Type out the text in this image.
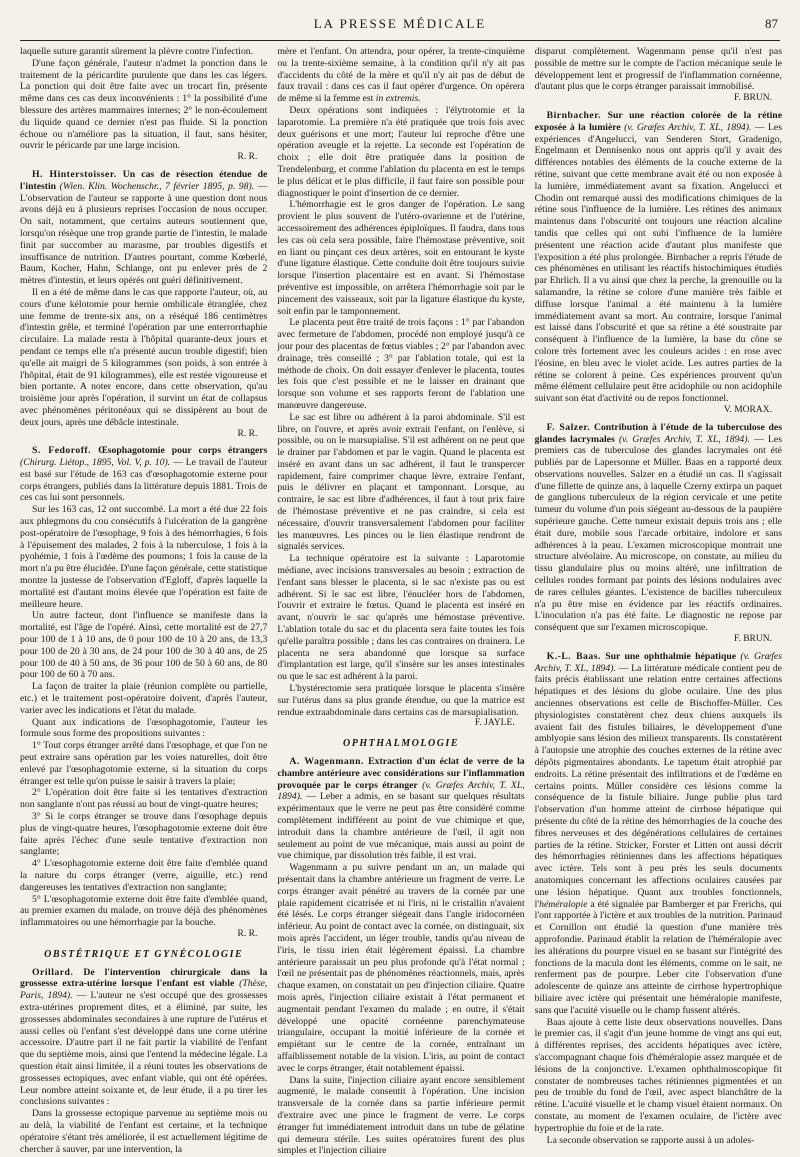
LA PRESSE MÉDICALE	87

laquelle suture garantit sûrement la plèvre contre l'infection.

D'une façon générale, l'auteur n'admet la ponction dans le traitement de la péricardite purulente que dans les cas légers. La ponction qui doit être faite avec un trocart fin, présente même dans ces cas deux inconvénients : 1° la possibilité d'une blessure des artères mammaires internes; 2° le non-écoulement du liquide quand ce dernier n'est pas fluide. Si la ponction échoue ou n'améliore pas la situation, il faut, sans hésiter, ouvrir le péricarde par une large incision.

R. R.

H. Hinterstoisser. Un cas de résection étendue de l'intestin (Wien. Klin. Wochenschr., 7 février 1895, p. 98). — L'observation de l'auteur se rapporte à une question dont nous avons déjà eu à plusieurs reprises l'occasion de nous occuper. On sait, notamment, que certains auteurs soutiennent que, lorsqu'on résèque une trop grande partie de l'intestin, le malade finit par succomber au marasme, par troubles digestifs et insuffisance de nutrition. D'autres pourtant, comme Kœberlé, Baum, Kocher, Hahn, Schlange, ont pu enlever près de 2 mètres d'intestin, et leurs opérés ont guéri définitivement.

Il en a été de même dans le cas que rapporte l'auteur, où, au cours d'une kélotomie pour hernie ombilicale étranglée, chez une femme de trente-six ans, on a réséqué 186 centimètres d'intestin grêle, et terminé l'opération par une enterrorrhaphie circulaire. La malade resta à l'hôpital quarante-deux jours et pendant ce temps elle n'a présenté aucun trouble digestif; bien qu'elle ait maigri de 5 kilogrammes (son poids, à son entrée à l'hôpital, était de 91 kilogrammes), elle est restée vigoureuse et bien portante. A noter encore, dans cette observation, qu'au troisième jour après l'opération, il survint un état de collapsus avec phénomènes péritonéaux qui se dissipèrent au bout de deux jours, après une débâcle intestinale.

R. R.

S. Fedoroff. Œsophagotomie pour corps étrangers (Chirurg. Liétop., 1895, Vol. V, p. 10). — Le travail de l'auteur est basé sur l'étude de 163 cas d'œsophagotomie externe pour corps étrangers, publiés dans la littérature depuis 1881. Trois de ces cas lui sont personnels.

Sur les 163 cas, 12 ont succombé. La mort a été due 22 fois aux phlegmons du cou consécutifs à l'ulcération de la gangrène post-opératoire de l'œsophage, 9 fois à des hémorrhagies, 6 fois à l'épuisement des malades, 2 fois à la tuberculose, 1 fois à la pyohémie, 1 fois à l'œdème des poumons; 1 fois la cause de la mort n'a pu être élucidée. D'une façon générale, cette statistique montre la justesse de l'observation d'Egloff, d'après laquelle la mortalité est d'autant moins élevée que l'opération est faite de meilleure heure.

Un autre facteur, dont l'influence se manifeste dans la mortalité, est l'âge de l'opéré. Ainsi, cette mortalité est de 27,7 pour 100 de 1 à 10 ans, de 0 pour 100 de 10 à 20 ans, de 13,3 pour 100 de 20 à 30 ans, de 24 pour 100 de 30 à 40 ans, de 25 pour 100 de 40 à 50 ans, de 36 pour 100 de 50 à 60 ans, de 80 pour 100 de 60 à 70 ans.

La façon de traiter la plaie (réunion complète ou partielle, etc.) et le traitement post-opératoire doivent, d'après l'auteur, varier avec les indications et l'état du malade.

Quant aux indications de l'œsophagotomie, l'auteur les formule sous forme des propositions suivantes :

1° Tout corps étranger arrêté dans l'œsophage, et que l'on ne peut extraire sans opération par les voies naturelles, doit être enlevé par l'œsophagotomie externe, si la situation du corps étranger est telle qu'on puisse le saisir à travers la plaie;

2° L'opération doit être faite si les tentatives d'extraction non sanglante n'ont pas réussi au bout de vingt-quatre heures;

3° Si le corps étranger se trouve dans l'œsophage depuis plus de vingt-quatre heures, l'œsophagotomie externe doit être faite après l'échec d'une seule tentative d'extraction non sanglante;

4° L'œsophagotomie externe doit être faite d'emblée quand la nature du corps étranger (verre, aiguille, etc.) rend dangereuses les tentatives d'extraction non sanglante;

5° L'œsophagotomie externe doit être faite d'emblée quand, au premier examen du malade, on trouve déjà des phénomènes inflammatoires ou une hémorrhagie par la bouche.

R. R.
OBSTÉTRIQUE ET GYNÉCOLOGIE

Orillard. De l'intervention chirurgicale dans la grossesse extra-utérine lorsque l'enfant est viable (Thèse, Paris, 1894). — L'auteur ne s'est occupé que des grossesses extra-utérines proprement dites, et a éliminé, par suite, les grossesses abdominales secondaires à une rupture de l'utérus et aussi celles où l'enfant s'est développé dans une corne utérine accessoire. D'autre part il ne fait partir la viabilité de l'enfant que du septième mois, ainsi que l'entend la médecine légale. La question était ainsi limitée, il a réuni toutes les observations de grossesses ectopiques, avec enfant viable, qui ont été opérées. Leur nombre atteint soixante et, de leur étude, il a pu tirer les conclusions suivantes :

Dans la grossesse ectopique parvenue au septième mois ou au delà, la viabilité de l'enfant est certaine, et la technique opératoire s'étant très améliorée, il est actuellement légitime de chercher à sauver, par une intervention, la

mère et l'enfant. On attendra, pour opérer, la trente-cinquième ou la trente-sixième semaine, à la condition qu'il n'y ait pas d'accidents du côté de la mère et qu'il n'y ait pas de début de faux travail : dans ces cas il faut opérer d'urgence. On opérera de même si la femme est in extremis.

Deux opérations sont indiquées : l'élytrotomie et la laparotomie. La première n'a été pratiquée que trois fois avec deux guérisons et une mort; l'auteur lui reproche d'être une opération aveugle et la rejette. La seconde est l'opération de choix ; elle doit être pratiquée dans la position de Trendelenburg, et comme l'ablation du placenta en est le temps le plus délicat et le plus difficile, il faut faire son possible pour diagnostiquer le point d'insertion de ce dernier.

L'hémorrhagie est le gros danger de l'opération. Le sang provient le plus souvent de l'utéro-ovarienne et de l'utérine, accessoirement des adhérences épiploïques. Il faudra, dans tous les cas où cela sera possible, faire l'hémostase préventive, soit en liant ou pinçant ces deux artères, soit en entourant le kyste d'une ligature élastique. Cette conduite doit être toujours suivie lorsque l'insertion placentaire est en avant. Si l'hémostase préventive est impossible, on arrêtera l'hémorrhagie soit par le pincement des vaisseaux, soit par la ligature élastique du kyste, soit enfin par le tamponnement.

Le placenta peut être traité de trois façons : 1° par l'abandon avec fermeture de l'abdomen, procédé non employé jusqu'à ce jour pour des placentas de fœtus viables ; 2° par l'abandon avec drainage, très conseillé ; 3° par l'ablation totale, qui est la méthode de choix. On doit essayer d'enlever le placenta, toutes les fois que c'est possible et ne le laisser en drainant que lorsque son volume et ses rapports feront de l'ablation une manœuvre dangereuse.

Le sac est libre ou adhérent à la paroi abdominale. S'il est libre, on l'ouvre, et après avoir extrait l'enfant, on l'enlève, si possible, ou on le marsupialise. S'il est adhérent on ne peut que le drainer par l'abdomen et par le vagin. Quand le placenta est inséré en avant dans un sac adhérent, il faut le transpercer rapidement, faire comprimer chaque lèvre, extraire l'enfant, puis le délivrer en plaçant et tamponnant. Lorsque, au contraire, le sac est libre d'adhérences, il faut à tout prix faire de l'hémostase préventive et ne pas craindre, si cela est nécessaire, d'ouvrir transversalement l'abdomen pour faciliter les manœuvres. Les pinces ou le lien élastique rendront de signalés services.

La technique opératoire est la suivante : Laparotomie médiane, avec incisions transversales au besoin ; extraction de l'enfant sans blesser le placenta, si le sac n'existe pas ou est adhérent. Si le sac est libre, l'énucléer hors de l'abdomen, l'ouvrir et extraire le fœtus. Quand le placenta est inséré en avant, n'ouvrir le sac qu'après une hémostase préventive. L'ablation totale du sac et du placenta sera faite toutes les fois qu'elle paraîtra possible ; dans les cas contraires on drainera. Le placenta ne sera abandonné que lorsque sa surface d'implantation est large, qu'il s'insère sur les anses intestinales ou que le sac est adhérent à la paroi.

L'hystérectomie sera pratiquée lorsque le placenta s'insère sur l'utérus dans sa plus grande étendue, ou que la matrice est rendue extraabdominale dans certains cas de marsupialisation.

F. JAYLE.
OPHTHALMOLOGIE

A. Wagenmann. Extraction d'un éclat de verre de la chambre antérieure avec considérations sur l'inflammation provoquée par le corps étranger (v. Græfes Archiv, T. XL, 1894). — Leber a admis, en se basant sur quelques résultats expérimentaux que le verre ne peut pas être considéré comme complètement indifférent au point de vue chimique et que, introduit dans la chambre antérieure de l'œil, il agit non seulement au point de vue mécanique, mais aussi au point de vue chimique, par dissolution très faible, il est vrai.

Wagenmann a pu suivre pendant un an, un malade qui présentait dans la chambre antérieure un fragment de verre. Le corps étranger avait pénétré au travers de la cornée par une plaie rapidement cicatrisée et ni l'iris, ni le cristallin n'avaient été lésés. Le corps étranger siégeait dans l'angle iridocornéen inférieur. Au point de contact avec la cornée, on distinguait, six mois après l'accident, un léger trouble, tandis qu'au niveau de l'iris, le tissu irien était légèrement épaissi. La chambre antérieure paraissait un peu plus profonde qu'à l'état normal ; l'œil ne présentait pas de phénomènes réactionnels, mais, après chaque examen, on constatait un peu d'injection ciliaire. Quatre mois après, l'injection ciliaire existait à l'état permanent et augmentait pendant l'examen du malade ; en outre, il s'était développé une opacité cornéenne parenchymateuse triangulaire, occupant la moitié inférieure de la cornée et empiétant sur le centre de la cornée, entraînant un affaiblissement notable de la vision. L'iris, au point de contact avec le corps étranger, était notablement épaissi.

Dans la suite, l'injection ciliaire ayant encore sensiblement augmenté, le malade consentit à l'opération. Une incision transversale de la cornée dans sa partie inférieure permit d'extraire avec une pince le fragment de verre. Le corps étranger fut immédiatement introduit dans un tube de gélatine qui demeura stérile. Les suites opératoires furent des plus simples et l'injection ciliaire

disparut complètement. Wagenmann pense qu'il n'est pas possible de mettre sur le compte de l'action mécanique seule le développement lent et progressif de l'inflammation cornéenne, d'autant plus que le corps étranger paraissait immobilisé.

F. BRUN.

Birnbacher. Sur une réaction colorée de la rétine exposée à la lumière (v. Græfes Archiv, T. XL, 1894). — Les expériences d'Angelucci, van Senderen Stort, Gradenigo, Engelmann et Dennisenko nous ont appris qu'il y avait des différences notables des éléments de la couche externe de la rétine, suivant que cette membrane avait été ou non exposée à la lumière, immédiatement avant sa fixation. Angelucci et Chodin ont remarqué aussi des modifications chimiques de la rétine sous l'influence de la lumière. Les rétines des animaux maintenus dans l'obscurité ont toujours une réaction alcaline tandis que celles qui ont subi l'influence de la lumière présentent une réaction acide d'autant plus manifeste que l'exposition a été plus prolongée. Birnbacher a repris l'étude de ces phénomènes en utilisant les réactifs histochimiques étudiés par Ehrlich. Il a vu ainsi que chez la perche, la grenouille ou la salamandre, la rétine se colore d'une manière très faible et diffuse lorsque l'animal a été maintenu à la lumière immédiatement avant sa mort. Au contraire, lorsque l'animal est laissé dans l'obscurité et que sa rétine a été soustraite par conséquent à l'influence de la lumière, la base du cône se colore très fortement avec les couleurs acides : en rose avec l'éosine, en bleu avec le violet acide. Les autres parties de la rétine se colorent à peine. Ces expériences prouvent qu'un même élément cellulaire peut être acidophile ou non acidophile suivant son état d'activité ou de repos fonctionnel.

V. MORAX.

F. Salzer. Contribution à l'étude de la tuberculose des glandes lacrymales (v. Græfes Archiv, T. XL, 1894). — Les premiers cas de tuberculose des glandes lacrymales ont été publiés par de Lapersonne et Müller. Baas en a rapporté deux observations nouvelles. Salzer en a étudié un cas. Il s'agissait d'une fillette de quinze ans, à laquelle Czerny extirpa un paquet de ganglions tuberculeux de la région cervicale et une petite tumeur du volume d'un pois siégeant au-dessous de la paupière supérieure gauche. Cette tumeur existait depuis trois ans ; elle était dure, mobile sous l'arcade orbitaire, indolore et sans adhérences à la peau. L'examen microscopique montrait une structure alvéolaire. Au microscope, on constate, au milieu du tissu glandulaire plus ou moins altéré, une infiltration de cellules rondes formant par points des lésions nodulaires avec de rares cellules géantes. L'existence de bacilles tuberculeux n'a pu être mise en évidence par les réactifs ordinaires. L'inoculation n'a pas été faite. Le diagnostic ne repose par conséquent que sur l'examen microscopique.

F. BRUN.

K.-L. Baas. Sur une ophthalmie hépatique (v. Græfes Archiv, T. XL, 1894). — La littérature médicale contient peu de faits précis établissant une relation entre certaines affections hépatiques et des lésions du globe oculaire. Une des plus anciennes observations est celle de Bischoffer-Müller. Ces physiologistes constatèrent chez deux chiens auxquels ils avaient fait des fistules biliaires, le développement d'une amblyopie sans lésion des milieux transparents. Ils constatèrent à l'autopsie une atrophie des couches externes de la rétine avec dépôts pigmentaires abondants. Le tapetum était atrophié par endroits. La rétine présentait des infiltrations et de l'œdème en certains points. Müller considère ces lésions comme la conséquence de la fistule biliaire. Junge publie plus tard l'observation d'un homme atteint de cirrhose hépatique qui présente du côté de la rétine des hémorrhagies de la couche des fibres nerveuses et des dégénérations cellulaires de certaines parties de la rétine. Stricker, Forster et Litten ont aussi décrit des hémorrhagies rétiniennes dans les affections hépatiques avec ictère. Tels sont à peu près les seuls documents anatomiques concernant les affections oculaires causées par une lésion hépatique. Quant aux troubles fonctionnels, l'héméralopie a été signalée par Bamberger et par Frerichs, qui l'ont rapportée à l'ictère et aux troubles de la nutrition. Parinaud et Cornillon ont étudié la question d'une manière très approfondie. Parinaud établit la relation de l'héméralopie avec les altérations du pourpre visuel en se basant sur l'intégrité des fonctions de la macula dont les éléments, comme on le sait, ne renferment pas de pourpre. Leber cite l'observation d'une adolescente de quinze ans atteinte de cirrhose hypertrophique biliaire avec ictère qui présentait une héméralopie manifeste, sans que l'acuité visuelle ou le champ fussent altérés.

Baas ajoute à cette liste deux observations nouvelles. Dans le premier cas, il s'agit d'un jeune homme de vingt ans qui eut, à différentes reprises, des accidents hépatiques avec ictère, s'accompagnant chaque fois d'héméralopie assez marquée et de lésions de la conjonctive. L'examen ophthalmoscopique fit constater de nombreuses taches rétiniennes pigmentées et un peu de trouble du fond de l'œil, avec aspect blanchâtre de la rétine. L'acuité visuelle et le champ visuel étaient normaux. On constate, au moment de l'examen oculaire, de l'ictère avec hypertrophie du foie et de la rate.

La seconde observation se rapporte aussi à un adoles-
